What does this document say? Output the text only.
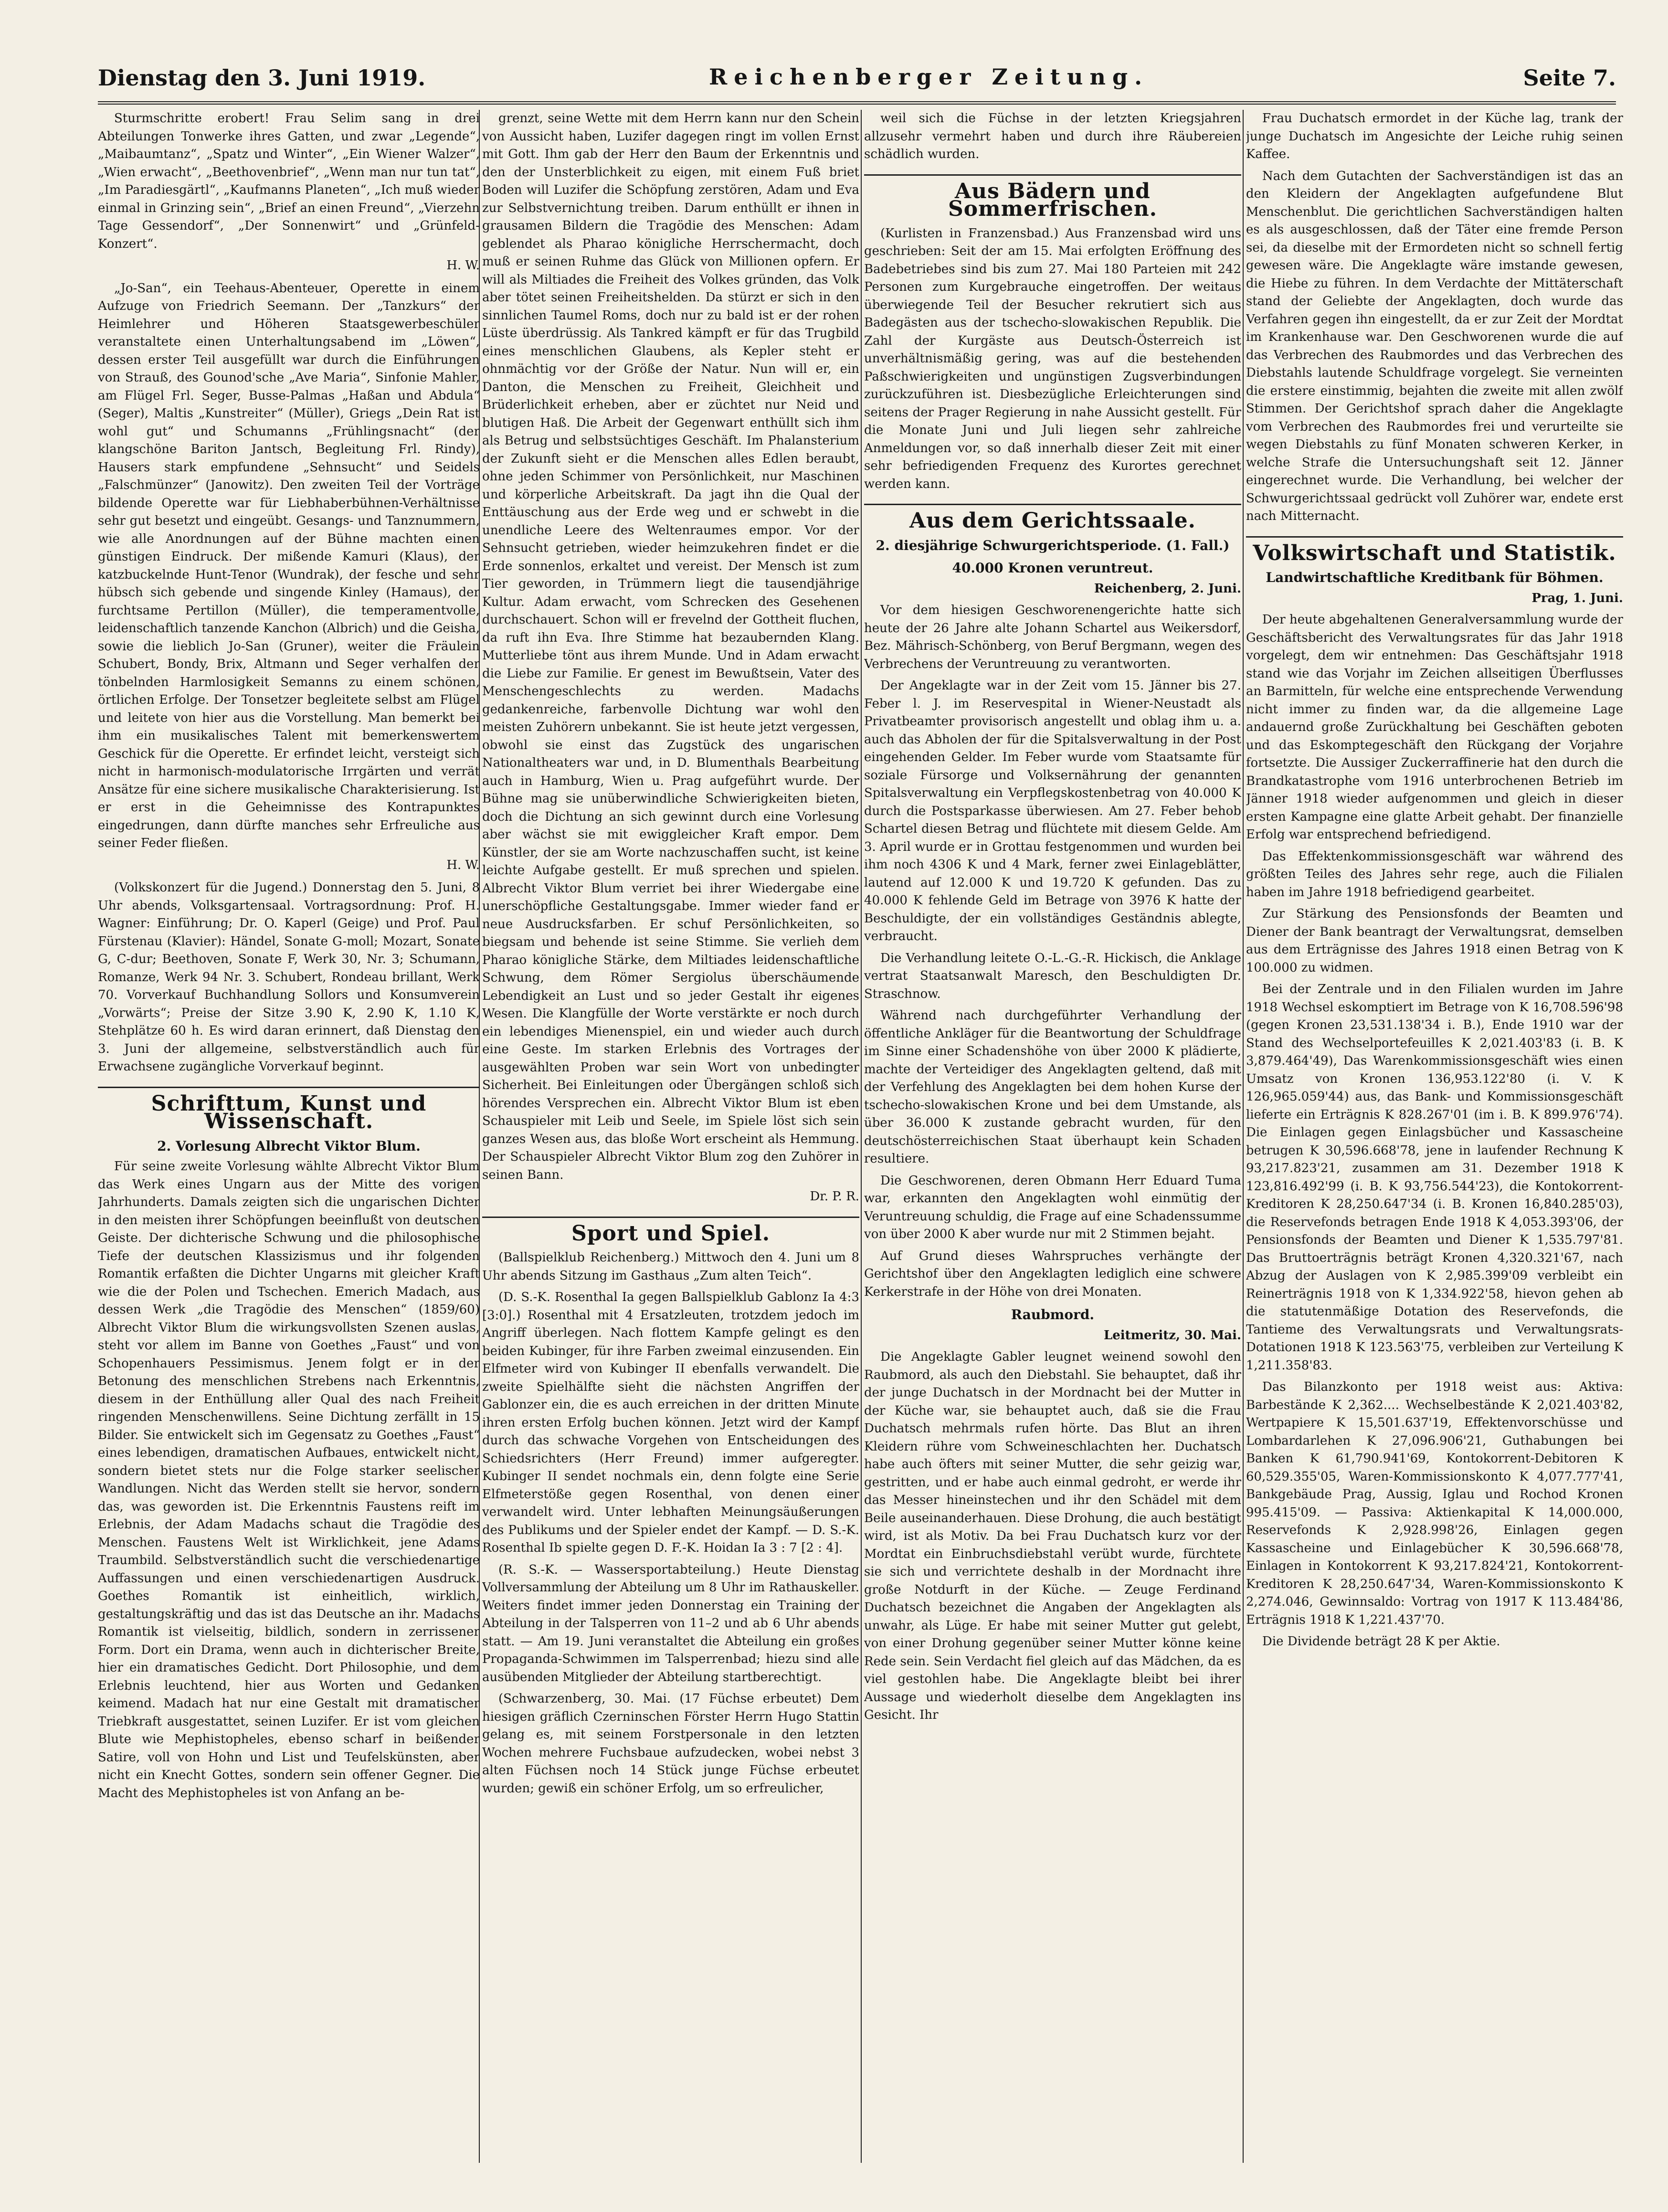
Dienstag den 3. Juni 1919.	Reichenberger Zeitung.	Seite 7.

Sturmschritte erobert! Frau Selim sang in drei Abteilungen Tonwerke ihres Gatten, und zwar „Legende“, „Maibaumtanz“, „Spatz und Winter“, „Ein Wiener Walzer“, „Wien erwacht“, „Beethovenbrief“, „Wenn man nur tun tat“, „Im Paradiesgärtl“, „Kaufmanns Planeten“, „Ich muß wieder einmal in Grinzing sein“, „Brief an einen Freund“, „Vierzehn Tage Gessendorf“, „Der Sonnenwirt“ und „Grünfeld-Konzert“.

H. W.

„Jo-San“, ein Teehaus-Abenteuer, Operette in einem Aufzuge von Friedrich Seemann. Der „Tanzkurs“ der Heimlehrer und Höheren Staatsgewerbeschüler veranstaltete einen Unterhaltungsabend im „Löwen“, dessen erster Teil ausgefüllt war durch die Einführungen von Strauß, des Gounod'sche „Ave Maria“, Sinfonie Mahler, am Flügel Frl. Seger, Busse-Palmas „Haßan und Abdula“ (Seger), Maltis „Kunstreiter“ (Müller), Griegs „Dein Rat ist wohl gut“ und Schumanns „Frühlingsnacht“ (der klangschöne Bariton Jantsch, Begleitung Frl. Rindy), Hausers stark empfundene „Sehnsucht“ und Seidels „Falschmünzer“ (Janowitz). Den zweiten Teil der Vorträge bildende Operette war für Liebhaberbühnen-Verhältnisse sehr gut besetzt und eingeübt. Gesangs- und Tanznummern, wie alle Anordnungen auf der Bühne machten einen günstigen Eindruck. Der mißende Kamuri (Klaus), der katzbuckelnde Hunt-Tenor (Wundrak), der fesche und sehr hübsch sich gebende und singende Kinley (Hamaus), der furchtsame Pertillon (Müller), die temperamentvolle, leidenschaftlich tanzende Kanchon (Albrich) und die Geisha, sowie die lieblich Jo-San (Gruner), weiter die Fräulein Schubert, Bondy, Brix, Altmann und Seger verhalfen der tönbelnden Harmlosigkeit Semanns zu einem schönen, örtlichen Erfolge. Der Tonsetzer begleitete selbst am Flügel und leitete von hier aus die Vorstellung. Man bemerkt bei ihm ein musikalisches Talent mit bemerkenswertem Geschick für die Operette. Er erfindet leicht, versteigt sich nicht in harmonisch-modulatorische Irrgärten und verrät Ansätze für eine sichere musikalische Charakterisierung. Ist er erst in die Geheimnisse des Kontrapunktes eingedrungen, dann dürfte manches sehr Erfreuliche aus seiner Feder fließen.

H. W.

(Volkskonzert für die Jugend.) Donnerstag den 5. Juni, 8 Uhr abends, Volksgartensaal. Vortragsordnung: Prof. H. Wagner: Einführung; Dr. O. Kaperl (Geige) und Prof. Paul Fürstenau (Klavier): Händel, Sonate G-moll; Mozart, Sonate G, C-dur; Beethoven, Sonate F, Werk 30, Nr. 3; Schumann, Romanze, Werk 94 Nr. 3. Schubert, Rondeau brillant, Werk 70. Vorverkauf Buchhandlung Sollors und Konsumverein „Vorwärts“; Preise der Sitze 3.90 K, 2.90 K, 1.10 K, Stehplätze 60 h. Es wird daran erinnert, daß Dienstag den 3. Juni der allgemeine, selbstverständlich auch für Erwachsene zugängliche Vorverkauf beginnt.

Schrifttum, Kunst und Wissenschaft.
2. Vorlesung Albrecht Viktor Blum.

Für seine zweite Vorlesung wählte Albrecht Viktor Blum das Werk eines Ungarn aus der Mitte des vorigen Jahrhunderts. Damals zeigten sich die ungarischen Dichter in den meisten ihrer Schöpfungen beeinflußt von deutschen Geiste. Der dichterische Schwung und die philosophische Tiefe der deutschen Klassizismus und ihr folgenden Romantik erfaßten die Dichter Ungarns mit gleicher Kraft wie die der Polen und Tschechen. Emerich Madach, aus dessen Werk „die Tragödie des Menschen“ (1859/60) Albrecht Viktor Blum die wirkungsvollsten Szenen auslas, steht vor allem im Banne von Goethes „Faust“ und von Schopenhauers Pessimismus. Jenem folgt er in der Betonung des menschlichen Strebens nach Erkenntnis, diesem in der Enthüllung aller Qual des nach Freiheit ringenden Menschenwillens. Seine Dichtung zerfällt in 15 Bilder. Sie entwickelt sich im Gegensatz zu Goethes „Faust“ eines lebendigen, dramatischen Aufbaues, entwickelt nicht, sondern bietet stets nur die Folge starker seelischer Wandlungen. Nicht das Werden stellt sie hervor, sondern das, was geworden ist. Die Erkenntnis Faustens reift im Erlebnis, der Adam Madachs schaut die Tragödie des Menschen. Faustens Welt ist Wirklichkeit, jene Adams Traumbild. Selbstverständlich sucht die verschiedenartige Auffassungen und einen verschiedenartigen Ausdruck. Goethes Romantik ist einheitlich, wirklich, gestaltungskräftig und das ist das Deutsche an ihr. Madachs Romantik ist vielseitig, bildlich, sondern in zerrissener Form. Dort ein Drama, wenn auch in dichterischer Breite, hier ein dramatisches Gedicht. Dort Philosophie, und dem Erlebnis leuchtend, hier aus Worten und Gedanken keimend. Madach hat nur eine Gestalt mit dramatischer Triebkraft ausgestattet, seinen Luzifer. Er ist vom gleichen Blute wie Mephistopheles, ebenso scharf in beißender Satire, voll von Hohn und List und Teufelskünsten, aber nicht ein Knecht Gottes, sondern sein offener Gegner. Die Macht des Mephistopheles ist von Anfang an be-

grenzt, seine Wette mit dem Herrn kann nur den Schein von Aussicht haben, Luzifer dagegen ringt im vollen Ernst mit Gott. Ihm gab der Herr den Baum der Erkenntnis und den der Unsterblichkeit zu eigen, mit einem Fuß briet Boden will Luzifer die Schöpfung zerstören, Adam und Eva zur Selbstvernichtung treiben. Darum enthüllt er ihnen in grausamen Bildern die Tragödie des Menschen: Adam geblendet als Pharao königliche Herrschermacht, doch muß er seinen Ruhme das Glück von Millionen opfern. Er will als Miltiades die Freiheit des Volkes gründen, das Volk aber tötet seinen Freiheitshelden. Da stürzt er sich in den sinnlichen Taumel Roms, doch nur zu bald ist er der rohen Lüste überdrüssig. Als Tankred kämpft er für das Trugbild eines menschlichen Glaubens, als Kepler steht er ohnmächtig vor der Größe der Natur. Nun will er, ein Danton, die Menschen zu Freiheit, Gleichheit und Brüderlichkeit erheben, aber er züchtet nur Neid und blutigen Haß. Die Arbeit der Gegenwart enthüllt sich ihm als Betrug und selbstsüchtiges Geschäft. Im Phalansterium der Zukunft sieht er die Menschen alles Edlen beraubt, ohne jeden Schimmer von Persönlichkeit, nur Maschinen und körperliche Arbeitskraft. Da jagt ihn die Qual der Enttäuschung aus der Erde weg und er schwebt in die unendliche Leere des Weltenraumes empor. Vor der Sehnsucht getrieben, wieder heimzukehren findet er die Erde sonnenlos, erkaltet und vereist. Der Mensch ist zum Tier geworden, in Trümmern liegt die tausendjährige Kultur. Adam erwacht, vom Schrecken des Gesehenen durchschauert. Schon will er frevelnd der Gottheit fluchen, da ruft ihn Eva. Ihre Stimme hat bezaubernden Klang. Mutterliebe tönt aus ihrem Munde. Und in Adam erwacht die Liebe zur Familie. Er genest im Bewußtsein, Vater des Menschengeschlechts zu werden. Madachs gedankenreiche, farbenvolle Dichtung war wohl den meisten Zuhörern unbekannt. Sie ist heute jetzt vergessen, obwohl sie einst das Zugstück des ungarischen Nationaltheaters war und, in D. Blumenthals Bearbeitung auch in Hamburg, Wien u. Prag aufgeführt wurde. Der Bühne mag sie unüberwindliche Schwierigkeiten bieten, doch die Dichtung an sich gewinnt durch eine Vorlesung aber wächst sie mit ewiggleicher Kraft empor. Dem Künstler, der sie am Worte nachzuschaffen sucht, ist keine leichte Aufgabe gestellt. Er muß sprechen und spielen. Albrecht Viktor Blum verriet bei ihrer Wiedergabe eine unerschöpfliche Gestaltungsgabe. Immer wieder fand er neue Ausdrucksfarben. Er schuf Persönlichkeiten, so biegsam und behende ist seine Stimme. Sie verlieh dem Pharao königliche Stärke, dem Miltiades leidenschaftliche Schwung, dem Römer Sergiolus überschäumende Lebendigkeit an Lust und so jeder Gestalt ihr eigenes Wesen. Die Klangfülle der Worte verstärkte er noch durch ein lebendiges Mienenspiel, ein und wieder auch durch eine Geste. Im starken Erlebnis des Vortrages der ausgewählten Proben war sein Wort von unbedingter Sicherheit. Bei Einleitungen oder Übergängen schloß sich hörendes Versprechen ein. Albrecht Viktor Blum ist eben Schauspieler mit Leib und Seele, im Spiele löst sich sein ganzes Wesen aus, das bloße Wort erscheint als Hemmung. Der Schauspieler Albrecht Viktor Blum zog den Zuhörer in seinen Bann.

Dr. P. R.
Sport und Spiel.

(Ballspielklub Reichenberg.) Mittwoch den 4. Juni um 8 Uhr abends Sitzung im Gasthaus „Zum alten Teich“.

(D. S.-K. Rosenthal Ia gegen Ballspielklub Gablonz Ia 4:3 [3:0].) Rosenthal mit 4 Ersatzleuten, trotzdem jedoch im Angriff überlegen. Nach flottem Kampfe gelingt es den beiden Kubinger, für ihre Farben zweimal einzusenden. Ein Elfmeter wird von Kubinger II ebenfalls verwandelt. Die zweite Spielhälfte sieht die nächsten Angriffen der Gablonzer ein, die es auch erreichen in der dritten Minute ihren ersten Erfolg buchen können. Jetzt wird der Kampf durch das schwache Vorgehen von Entscheidungen des Schiedsrichters (Herr Freund) immer aufgeregter. Kubinger II sendet nochmals ein, denn folgte eine Serie Elfmeterstöße gegen Rosenthal, von denen einer verwandelt wird. Unter lebhaften Meinungsäußerungen des Publikums und der Spieler endet der Kampf. — D. S.-K. Rosenthal Ib spielte gegen D. F.-K. Hoidan Ia 3 : 7 [2 : 4].

(R. S.-K. — Wassersportabteilung.) Heute Dienstag Vollversammlung der Abteilung um 8 Uhr im Rathauskeller. Weiters findet immer jeden Donnerstag ein Training der Abteilung in der Talsperren von 11–2 und ab 6 Uhr abends statt. — Am 19. Juni veranstaltet die Abteilung ein großes Propaganda-Schwimmen im Talsperrenbad; hiezu sind alle ausübenden Mitglieder der Abteilung startberechtigt.

(Schwarzenberg, 30. Mai. (17 Füchse erbeutet) Dem hiesigen gräflich Czerninschen Förster Herrn Hugo Stattin gelang es, mit seinem Forstpersonale in den letzten Wochen mehrere Fuchsbaue aufzudecken, wobei nebst 3 alten Füchsen noch 14 Stück junge Füchse erbeutet wurden; gewiß ein schöner Erfolg, um so erfreulicher,

weil sich die Füchse in der letzten Kriegsjahren allzusehr vermehrt haben und durch ihre Räubereien schädlich wurden.

Aus Bädern und Sommerfrischen.

(Kurlisten in Franzensbad.) Aus Franzensbad wird uns geschrieben: Seit der am 15. Mai erfolgten Eröffnung des Badebetriebes sind bis zum 27. Mai 180 Parteien mit 242 Personen zum Kurgebrauche eingetroffen. Der weitaus überwiegende Teil der Besucher rekrutiert sich aus Badegästen aus der tschecho-slowakischen Republik. Die Zahl der Kurgäste aus Deutsch-Österreich ist unverhältnismäßig gering, was auf die bestehenden Paßschwierigkeiten und ungünstigen Zugsverbindungen zurückzuführen ist. Diesbezügliche Erleichterungen sind seitens der Prager Regierung in nahe Aussicht gestellt. Für die Monate Juni und Juli liegen sehr zahlreiche Anmeldungen vor, so daß innerhalb dieser Zeit mit einer sehr befriedigenden Frequenz des Kurortes gerechnet werden kann.

Aus dem Gerichtssaale.
2. diesjährige Schwurgerichtsperiode. (1. Fall.)
40.000 Kronen veruntreut.
Reichenberg, 2. Juni.

Vor dem hiesigen Geschworenengerichte hatte sich heute der 26 Jahre alte Johann Schartel aus Weikersdorf, Bez. Mährisch-Schönberg, von Beruf Bergmann, wegen des Verbrechens der Veruntreuung zu verantworten.

Der Angeklagte war in der Zeit vom 15. Jänner bis 27. Feber l. J. im Reservespital in Wiener-Neustadt als Privatbeamter provisorisch angestellt und oblag ihm u. a. auch das Abholen der für die Spitalsverwaltung in der Post eingehenden Gelder. Im Feber wurde vom Staatsamte für soziale Fürsorge und Volksernährung der genannten Spitalsverwaltung ein Verpflegskostenbetrag von 40.000 K durch die Postsparkasse überwiesen. Am 27. Feber behob Schartel diesen Betrag und flüchtete mit diesem Gelde. Am 3. April wurde er in Grottau festgenommen und wurden bei ihm noch 4306 K und 4 Mark, ferner zwei Einlageblätter, lautend auf 12.000 K und 19.720 K gefunden. Das zu 40.000 K fehlende Geld im Betrage von 3976 K hatte der Beschuldigte, der ein vollständiges Geständnis ablegte, verbraucht.

Die Verhandlung leitete O.-L.-G.-R. Hickisch, die Anklage vertrat Staatsanwalt Maresch, den Beschuldigten Dr. Straschnow.

Während nach durchgeführter Verhandlung der öffentliche Ankläger für die Beantwortung der Schuldfrage im Sinne einer Schadenshöhe von über 2000 K plädierte, machte der Verteidiger des Angeklagten geltend, daß mit der Verfehlung des Angeklagten bei dem hohen Kurse der tschecho-slowakischen Krone und bei dem Umstande, als über 36.000 K zustande gebracht wurden, für den deutschösterreichischen Staat überhaupt kein Schaden resultiere.

Die Geschworenen, deren Obmann Herr Eduard Tuma war, erkannten den Angeklagten wohl einmütig der Veruntreuung schuldig, die Frage auf eine Schadenssumme von über 2000 K aber wurde nur mit 2 Stimmen bejaht.

Auf Grund dieses Wahrspruches verhängte der Gerichtshof über den Angeklagten lediglich eine schwere Kerkerstrafe in der Höhe von drei Monaten.

Raubmord.
Leitmeritz, 30. Mai.

Die Angeklagte Gabler leugnet weinend sowohl den Raubmord, als auch den Diebstahl. Sie behauptet, daß ihr der junge Duchatsch in der Mordnacht bei der Mutter in der Küche war, sie behauptet auch, daß sie die Frau Duchatsch mehrmals rufen hörte. Das Blut an ihren Kleidern rühre vom Schweineschlachten her. Duchatsch habe auch öfters mit seiner Mutter, die sehr geizig war, gestritten, und er habe auch einmal gedroht, er werde ihr das Messer hineinstechen und ihr den Schädel mit dem Beile auseinanderhauen. Diese Drohung, die auch bestätigt wird, ist als Motiv. Da bei Frau Duchatsch kurz vor der Mordtat ein Einbruchsdiebstahl verübt wurde, fürchtete sie sich und verrichtete deshalb in der Mordnacht ihre große Notdurft in der Küche. — Zeuge Ferdinand Duchatsch bezeichnet die Angaben der Angeklagten als unwahr, als Lüge. Er habe mit seiner Mutter gut gelebt, von einer Drohung gegenüber seiner Mutter könne keine Rede sein. Sein Verdacht fiel gleich auf das Mädchen, da es viel gestohlen habe. Die Angeklagte bleibt bei ihrer Aussage und wiederholt dieselbe dem Angeklagten ins Gesicht. Ihr

Frau Duchatsch ermordet in der Küche lag, trank der junge Duchatsch im Angesichte der Leiche ruhig seinen Kaffee.

Nach dem Gutachten der Sachverständigen ist das an den Kleidern der Angeklagten aufgefundene Blut Menschenblut. Die gerichtlichen Sachverständigen halten es als ausgeschlossen, daß der Täter eine fremde Person sei, da dieselbe mit der Ermordeten nicht so schnell fertig gewesen wäre. Die Angeklagte wäre imstande gewesen, die Hiebe zu führen. In dem Verdachte der Mittäterschaft stand der Geliebte der Angeklagten, doch wurde das Verfahren gegen ihn eingestellt, da er zur Zeit der Mordtat im Krankenhause war. Den Geschworenen wurde die auf das Verbrechen des Raubmordes und das Verbrechen des Diebstahls lautende Schuldfrage vorgelegt. Sie verneinten die erstere einstimmig, bejahten die zweite mit allen zwölf Stimmen. Der Gerichtshof sprach daher die Angeklagte vom Verbrechen des Raubmordes frei und verurteilte sie wegen Diebstahls zu fünf Monaten schweren Kerker, in welche Strafe die Untersuchungshaft seit 12. Jänner eingerechnet wurde. Die Verhandlung, bei welcher der Schwurgerichtssaal gedrückt voll Zuhörer war, endete erst nach Mitternacht.

Volkswirtschaft und Statistik.
Landwirtschaftliche Kreditbank für Böhmen.
Prag, 1. Juni.

Der heute abgehaltenen Generalversammlung wurde der Geschäftsbericht des Verwaltungsrates für das Jahr 1918 vorgelegt, dem wir entnehmen: Das Geschäftsjahr 1918 stand wie das Vorjahr im Zeichen allseitigen Überflusses an Barmitteln, für welche eine entsprechende Verwendung nicht immer zu finden war, da die allgemeine Lage andauernd große Zurückhaltung bei Geschäften geboten und das Eskomptegeschäft den Rückgang der Vorjahre fortsetzte. Die Aussiger Zuckerraffinerie hat den durch die Brandkatastrophe vom 1916 unterbrochenen Betrieb im Jänner 1918 wieder aufgenommen und gleich in dieser ersten Kampagne eine glatte Arbeit gehabt. Der finanzielle Erfolg war entsprechend befriedigend.

Das Effektenkommissionsgeschäft war während des größten Teiles des Jahres sehr rege, auch die Filialen haben im Jahre 1918 befriedigend gearbeitet.

Zur Stärkung des Pensionsfonds der Beamten und Diener der Bank beantragt der Verwaltungsrat, demselben aus dem Erträgnisse des Jahres 1918 einen Betrag von K 100.000 zu widmen.

Bei der Zentrale und in den Filialen wurden im Jahre 1918 Wechsel eskomptiert im Betrage von K 16,708.596'98 (gegen Kronen 23,531.138'34 i. B.), Ende 1910 war der Stand des Wechselportefeuilles K 2,021.403'83 (i. B. K 3,879.464'49), Das Warenkommissionsgeschäft wies einen Umsatz von Kronen 136,953.122'80 (i. V. K 126,965.059'44) aus, das Bank- und Kommissionsgeschäft lieferte ein Erträgnis K 828.267'01 (im i. B. K 899.976'74). Die Einlagen gegen Einlagsbücher und Kassascheine betrugen K 30,596.668'78, jene in laufender Rechnung K 93,217.823'21, zusammen am 31. Dezember 1918 K 123,816.492'99 (i. B. K 93,756.544'23), die Kontokorrent-Kreditoren K 28,250.647'34 (i. B. Kronen 16,840.285'03), die Reservefonds betragen Ende 1918 K 4,053.393'06, der Pensionsfonds der Beamten und Diener K 1,535.797'81. Das Bruttoerträgnis beträgt Kronen 4,320.321'67, nach Abzug der Auslagen von K 2,985.399'09 verbleibt ein Reinerträgnis 1918 von K 1,334.922'58, hievon gehen ab die statutenmäßige Dotation des Reservefonds, die Tantieme des Verwaltungsrats und Verwaltungsrats-Dotationen 1918 K 123.563'75, verbleiben zur Verteilung K 1,211.358'83.

Das Bilanzkonto per 1918 weist aus: Aktiva: Barbestände K 2,362.... Wechselbestände K 2,021.403'82, Wertpapiere K 15,501.637'19, Effektenvorschüsse und Lombardarlehen K 27,096.906'21, Guthabungen bei Banken K 61,790.941'69, Kontokorrent-Debitoren K 60,529.355'05, Waren-Kommissionskonto K 4,077.777'41, Bankgebäude Prag, Aussig, Iglau und Rochod Kronen 995.415'09. — Passiva: Aktienkapital K 14,000.000, Reservefonds K 2,928.998'26, Einlagen gegen Kassascheine und Einlagebücher K 30,596.668'78, Einlagen in Kontokorrent K 93,217.824'21, Kontokorrent-Kreditoren K 28,250.647'34, Waren-Kommissionskonto K 2,274.046, Gewinnsaldo: Vortrag von 1917 K 113.484'86, Erträgnis 1918 K 1,221.437'70.

Die Dividende beträgt 28 K per Aktie.
